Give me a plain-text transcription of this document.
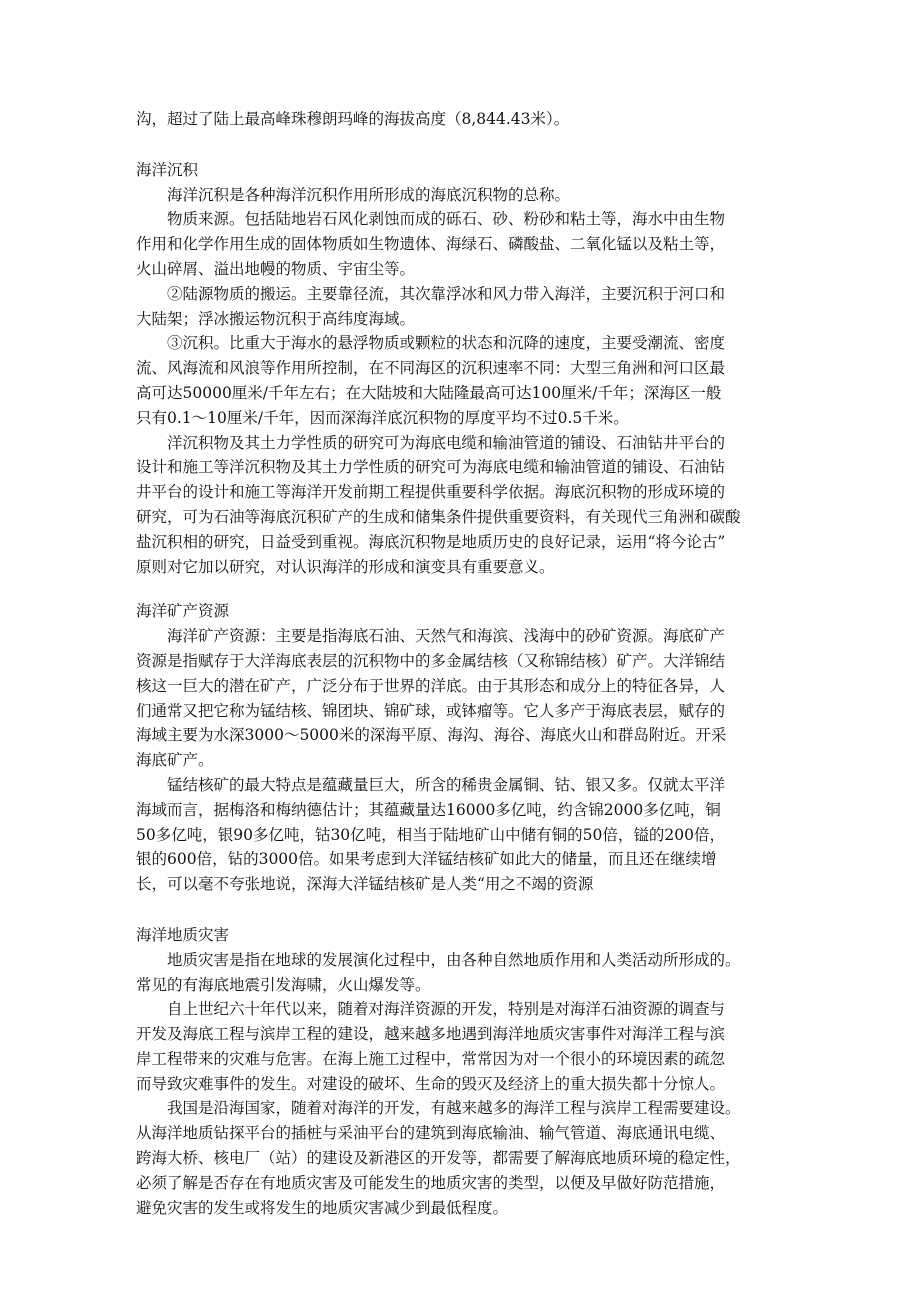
沟，超过了陆上最高峰珠穆朗玛峰的海拔高度（8,844.43米）。
海洋沉积
海洋沉积是各种海洋沉积作用所形成的海底沉积物的总称。
物质来源。包括陆地岩石风化剥蚀而成的砾石、砂、粉砂和粘土等，海水中由生物
作用和化学作用生成的固体物质如生物遗体、海绿石、磷酸盐、二氧化锰以及粘土等，
火山碎屑、溢出地幔的物质、宇宙尘等。
②陆源物质的搬运。主要靠径流，其次靠浮冰和风力带入海洋，主要沉积于河口和
大陆架；浮冰搬运物沉积于高纬度海域。
③沉积。比重大于海水的悬浮物质或颗粒的状态和沉降的速度，主要受潮流、密度
流、风海流和风浪等作用所控制，在不同海区的沉积速率不同：大型三角洲和河口区最
高可达50000厘米/千年左右；在大陆坡和大陆隆最高可达100厘米/千年；深海区一般
只有0.1～10厘米/千年，因而深海洋底沉积物的厚度平均不过0.5千米。
洋沉积物及其土力学性质的研究可为海底电缆和输油管道的铺设、石油钻井平台的
设计和施工等洋沉积物及其土力学性质的研究可为海底电缆和输油管道的铺设、石油钻
井平台的设计和施工等海洋开发前期工程提供重要科学依据。海底沉积物的形成环境的
研究，可为石油等海底沉积矿产的生成和储集条件提供重要资料，有关现代三角洲和碳酸
盐沉积相的研究，日益受到重视。海底沉积物是地质历史的良好记录，运用“将今论古”
原则对它加以研究，对认识海洋的形成和演变具有重要意义。
海洋矿产资源
海洋矿产资源：主要是指海底石油、天然气和海滨、浅海中的砂矿资源。海底矿产
资源是指赋存于大洋海底表层的沉积物中的多金属结核（又称锦结核）矿产。大洋锦结
核这一巨大的潜在矿产，广泛分布于世界的洋底。由于其形态和成分上的特征各异，人
们通常又把它称为锰结核、锦团块、锦矿球，或钵瘤等。它人多产于海底表层，赋存的
海域主要为水深3000～5000米的深海平原、海沟、海谷、海底火山和群岛附近。开采
海底矿产。
锰结核矿的最大特点是蕴藏量巨大，所含的稀贵金属铜、钴、银又多。仅就太平洋
海域而言，据梅洛和梅纳德估计；其蕴藏量达16000多亿吨，约含锦2000多亿吨，铜
50多亿吨，银90多亿吨，钴30亿吨，相当于陆地矿山中储有铜的50倍，镒的200倍，
银的600倍，钻的3000倍。如果考虑到大洋锰结核矿如此大的储量，而且还在继续增
长，可以毫不夸张地说，深海大洋锰结核矿是人类“用之不竭的资源
海洋地质灾害
地质灾害是指在地球的发展演化过程中，由各种自然地质作用和人类活动所形成的。
常见的有海底地震引发海啸，火山爆发等。
自上世纪六十年代以来，随着对海洋资源的开发，特别是对海洋石油资源的调查与
开发及海底工程与滨岸工程的建设，越来越多地遇到海洋地质灾害事件对海洋工程与滨
岸工程带来的灾难与危害。在海上施工过程中，常常因为对一个很小的环境因素的疏忽
而导致灾难事件的发生。对建设的破坏、生命的毁灭及经济上的重大损失都十分惊人。
我国是沿海国家，随着对海洋的开发，有越来越多的海洋工程与滨岸工程需要建设。
从海洋地质钻探平台的插桩与采油平台的建筑到海底输油、输气管道、海底通讯电缆、
跨海大桥、核电厂（站）的建设及新港区的开发等，都需要了解海底地质环境的稳定性，
必须了解是否存在有地质灾害及可能发生的地质灾害的类型，以便及早做好防范措施，
避免灾害的发生或将发生的地质灾害减少到最低程度。
